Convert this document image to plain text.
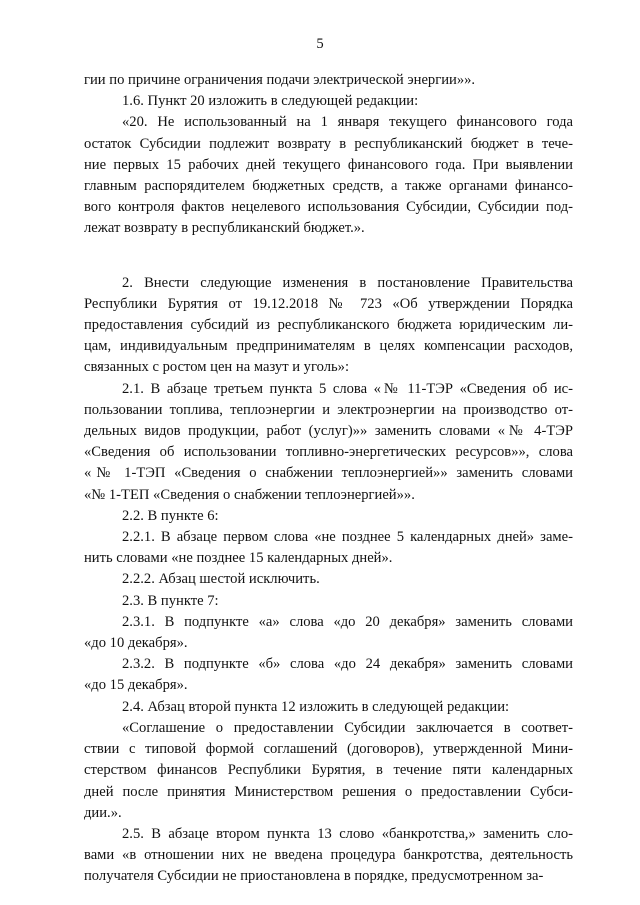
5

гии по причине ограничения подачи электрической энергии»».

1.6. Пункт 20 изложить в следующей редакции:

«20. Не использованный на 1 января текущего финансового года
остаток Субсидии подлежит возврату в республиканский бюджет в тече-
ние первых 15 рабочих дней текущего финансового года. При выявлении
главным распорядителем бюджетных средств, а также органами финансо-
вого контроля фактов нецелевого использования Субсидии, Субсидии под-
лежат возврату в республиканский бюджет.».

2. Внести следующие изменения в постановление Правительства
Республики Бурятия от 19.12.2018 № 723 «Об утверждении Порядка
предоставления субсидий из республиканского бюджета юридическим ли-
цам, индивидуальным предпринимателям в целях компенсации расходов,
связанных с ростом цен на мазут и уголь»:

2.1. В абзаце третьем пункта 5 слова «№ 11-ТЭР «Сведения об ис-
пользовании топлива, теплоэнергии и электроэнергии на производство от-
дельных видов продукции, работ (услуг)»» заменить словами «№ 4-ТЭР
«Сведения об использовании топливно-энергетических ресурсов»», слова
«№ 1-ТЭП «Сведения о снабжении теплоэнергией»» заменить словами
«№ 1-ТЕП «Сведения о снабжении теплоэнергией»».

2.2. В пункте 6:

2.2.1. В абзаце первом слова «не позднее 5 календарных дней» заме-
нить словами «не позднее 15 календарных дней».

2.2.2. Абзац шестой исключить.

2.3. В пункте 7:

2.3.1. В подпункте «а» слова «до 20 декабря» заменить словами
«до 10 декабря».

2.3.2. В подпункте «б» слова «до 24 декабря» заменить словами
«до 15 декабря».

2.4. Абзац второй пункта 12 изложить в следующей редакции:

«Соглашение о предоставлении Субсидии заключается в соответ-
ствии с типовой формой соглашений (договоров), утвержденной Мини-
стерством финансов Республики Бурятия, в течение пяти календарных
дней после принятия Министерством решения о предоставлении Субси-
дии.».

2.5. В абзаце втором пункта 13 слово «банкротства,» заменить сло-
вами «в отношении них не введена процедура банкротства, деятельность
получателя Субсидии не приостановлена в порядке, предусмотренном за-
